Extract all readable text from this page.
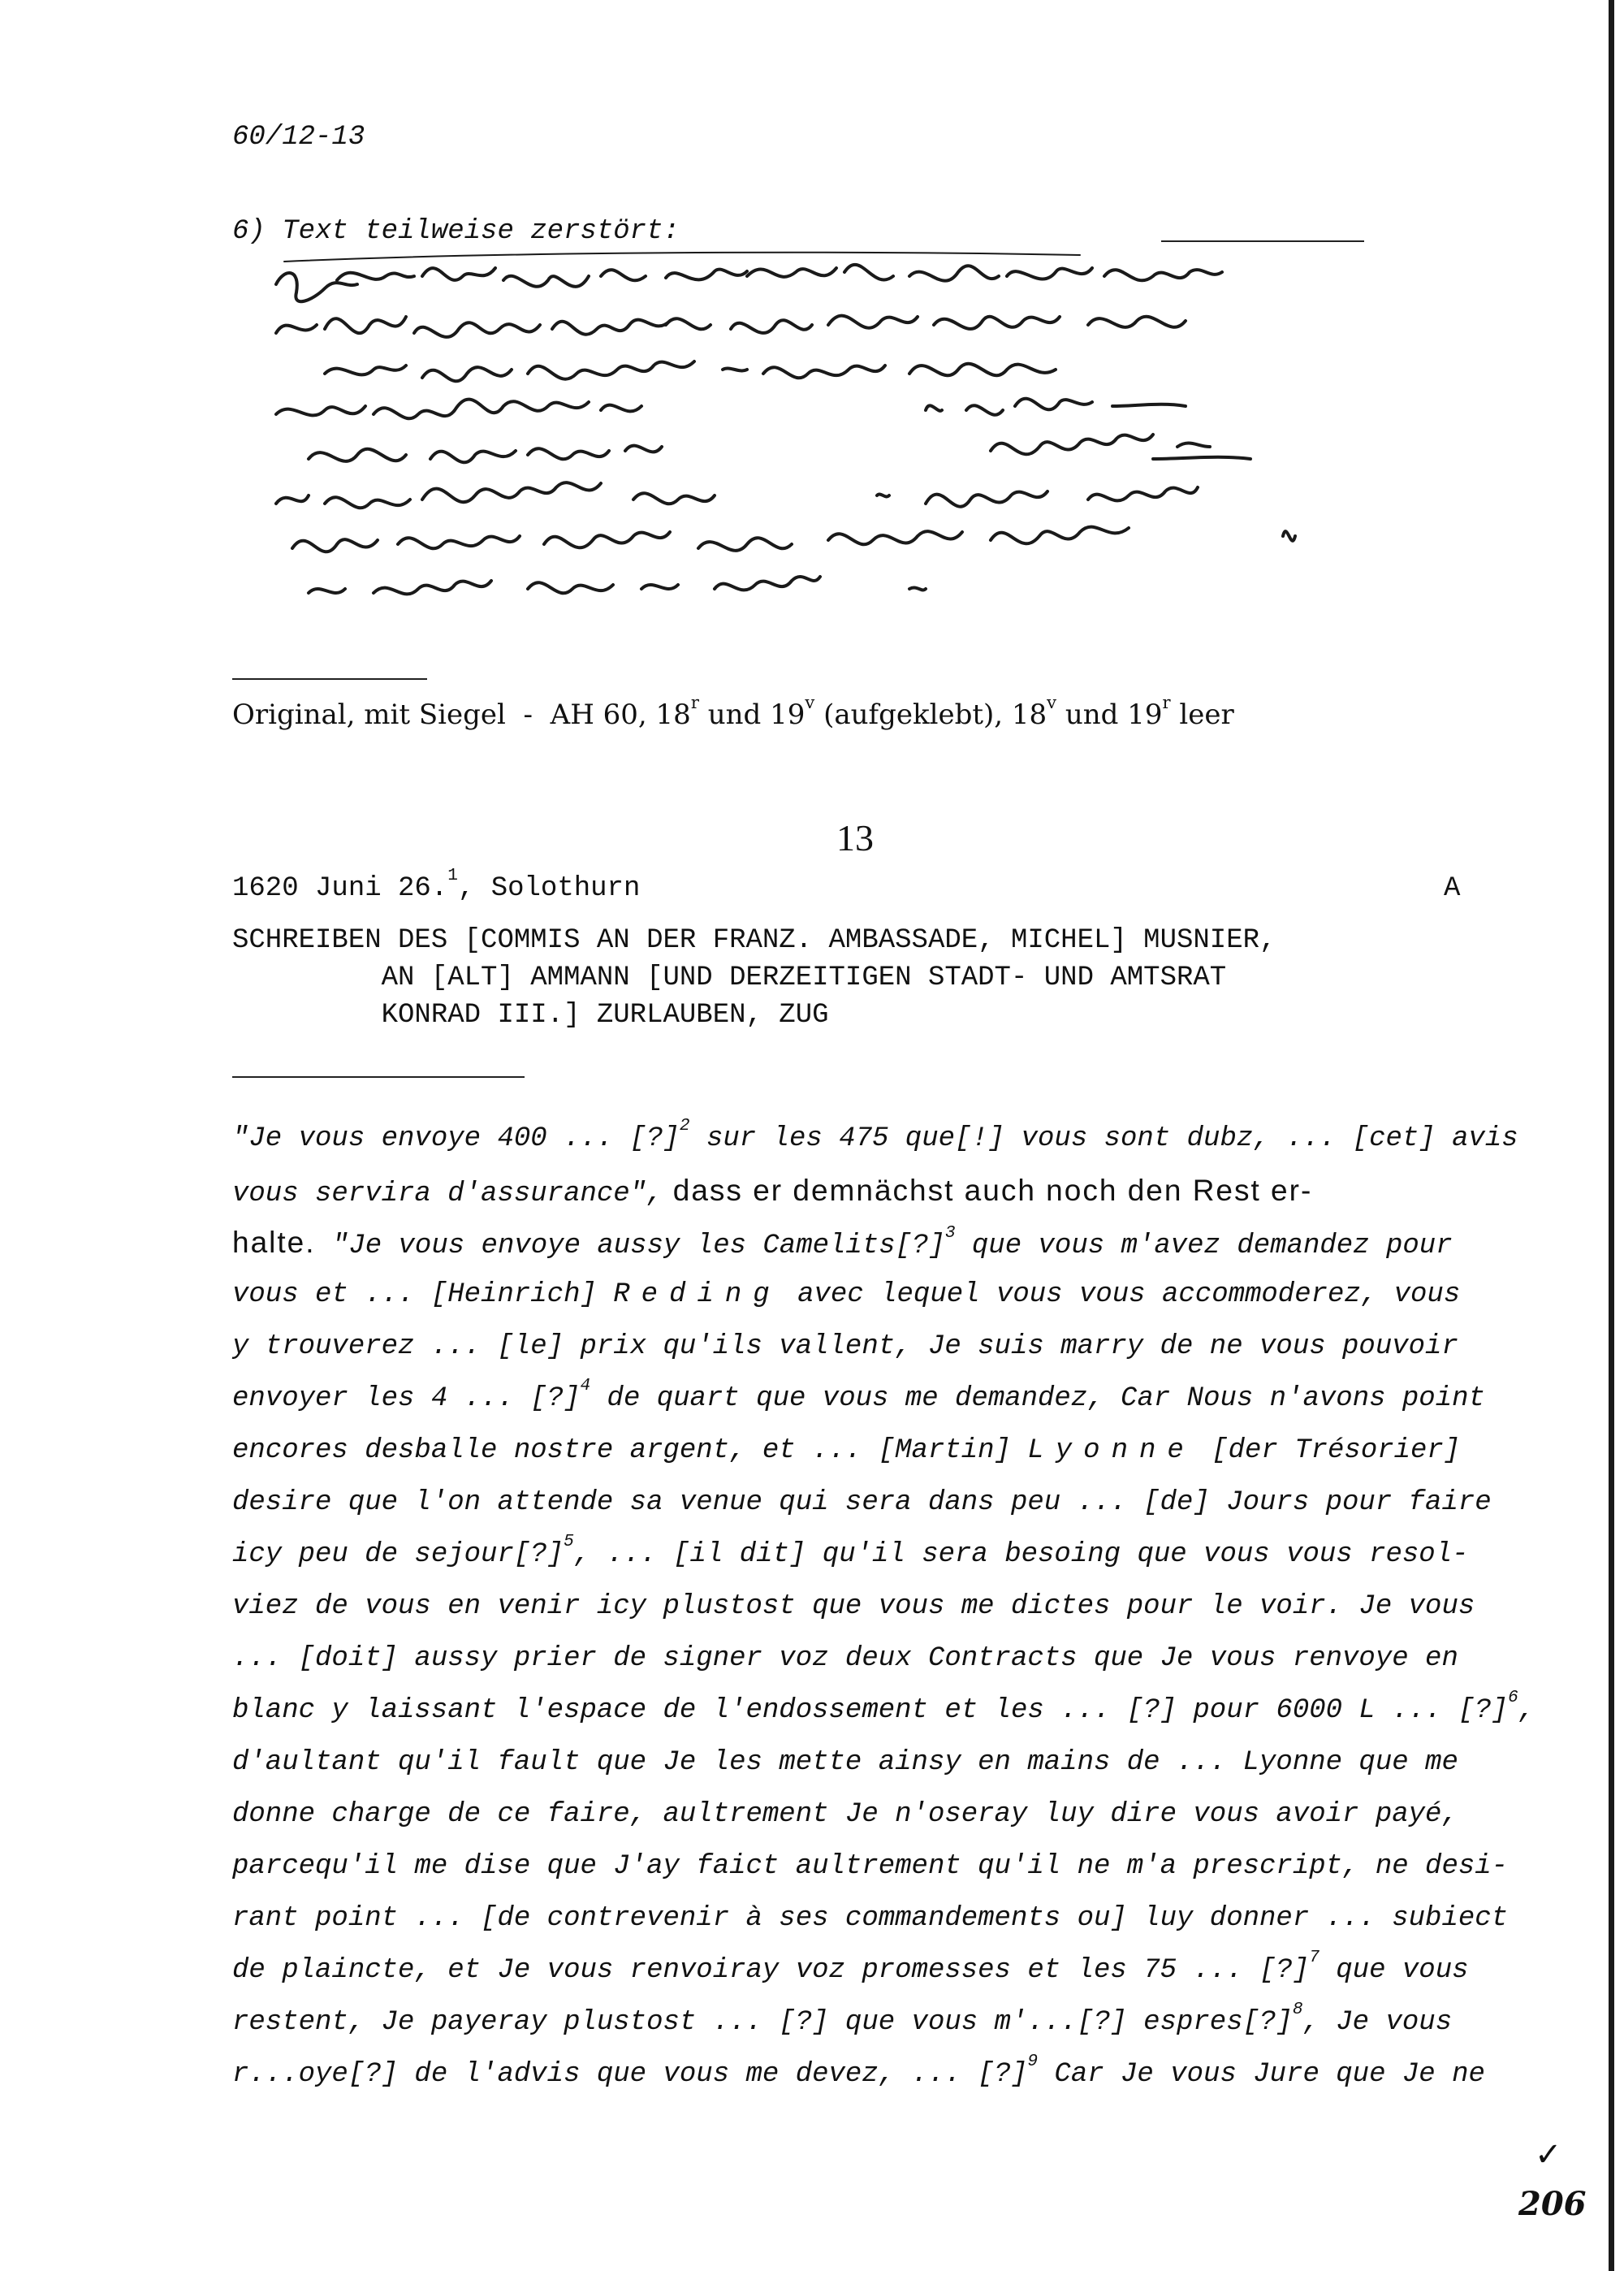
60/12-13
6) Text teilweise zerstört:
Original, mit Siegel  -  AH 60, 18$^r$ und 19$^v$ (aufgeklebt), 18$^v$ und 19$^r$ leer
13
1620 Juni 26.$^1$, Solothurn	A
SCHREIBEN DES [COMMIS AN DER FRANZ. AMBASSADE, MICHEL] MUSNIER,
AN [ALT] AMMANN [UND DERZEITIGEN STADT- UND AMTSRAT
KONRAD III.] ZURLAUBEN, ZUG
"Je vous envoye 400 ... [?]$^2$ sur les 475 que[!] vous sont dubz, ... [cet] avis
vous servira d'assurance", dass er demnächst auch noch den Rest er-
halte. "Je vous envoye aussy les Camelits[?]$^3$ que vous m'avez demandez pour
vous et ... [Heinrich] Reding avec lequel vous vous accommoderez, vous
y trouverez ... [le] prix qu'ils vallent, Je suis marry de ne vous pouvoir
envoyer les 4 ... [?]$^4$ de quart que vous me demandez, Car Nous n'avons point
encores desballe nostre argent, et ... [Martin] Lyonne [der Trésorier]
desire que l'on attende sa venue qui sera dans peu ... [de] Jours pour faire
icy peu de sejour[?]$^5$, ... [il dit] qu'il sera besoing que vous vous resol-
viez de vous en venir icy plustost que vous me dictes pour le voir. Je vous
... [doit] aussy prier de signer voz deux Contracts que Je vous renvoye en
blanc y laissant l'espace de l'endossement et les ... [?] pour 6000 L ... [?]$^6$,
d'aultant qu'il fault que Je les mette ainsy en mains de ... Lyonne que me
donne charge de ce faire, aultrement Je n'oseray luy dire vous avoir payé,
parcequ'il me dise que J'ay faict aultrement qu'il ne m'a prescript, ne desi-
rant point ... [de contrevenir à ses commandements ou] luy donner ... subiect
de plaincte, et Je vous renvoiray voz promesses et les 75 ... [?]$^7$ que vous
restent, Je payeray plustost ... [?] que vous m'...[?] espres[?]$^8$, Je vous
r...oye[?] de l'advis que vous me devez, ... [?]$^9$ Car Je vous Jure que Je ne
✓
206
